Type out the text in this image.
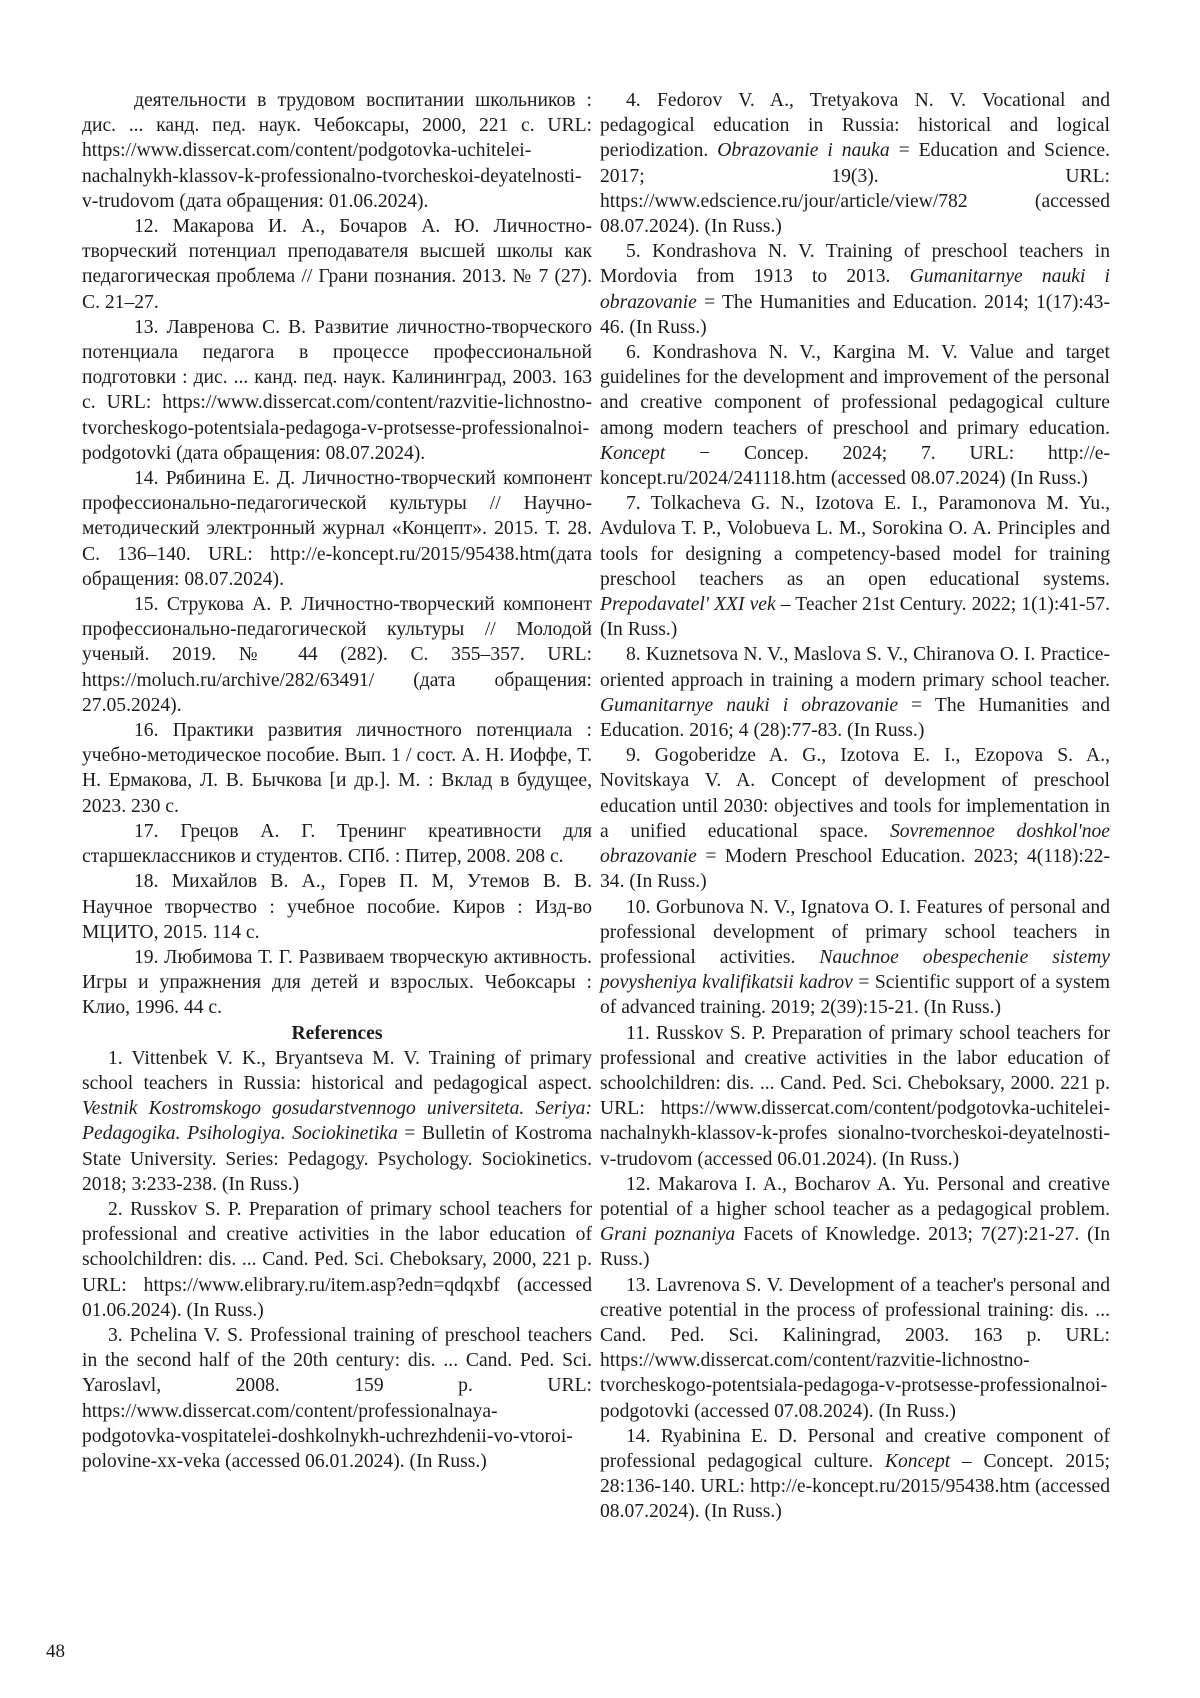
деятельности в трудовом воспитании школьников : дис. ... канд. пед. наук. Чебоксары, 2000, 221 с. URL: https://www.dissercat.com/content/podgotovka-uchitelei-nachalnykh-klassov-k-professionalno-tvorcheskoi-deyatelnosti-v-trudovom (дата обращения: 01.06.2024).

12. Макарова И. А., Бочаров А. Ю. Личностно-творческий потенциал преподавателя высшей школы как педагогическая проблема // Грани познания. 2013. № 7 (27). С. 21–27.

13. Лавренова С. В. Развитие личностно-творческого потенциала педагога в процессе профессиональной подготовки : дис. ... канд. пед. наук. Калининград, 2003. 163 с. URL: https://www.dissercat.com/content/razvitie-lichnostno-tvorcheskogo-potentsiala-pedagoga-v-protsesse-professionalnoi-podgotovki (дата обращения: 08.07.2024).

14. Рябинина Е. Д. Личностно-творческий компонент профессионально-педагогической культуры // Научно-методический электронный журнал «Концепт». 2015. Т. 28. С. 136–140. URL: http://e-koncept.ru/2015/95438.htm(дата обращения: 08.07.2024).

15. Струкова А. Р. Личностно-творческий компонент профессионально-педагогической культуры // Молодой ученый. 2019. № 44 (282). С. 355–357. URL: https://moluch.ru/archive/282/63491/ (дата обращения: 27.05.2024).

16. Практики развития личностного потенциала : учебно-методическое пособие. Вып. 1 / сост. А. Н. Иоффе, Т. Н. Ермакова, Л. В. Бычкова [и др.]. М. : Вклад в будущее, 2023. 230 с.

17. Грецов А. Г. Тренинг креативности для старшеклассников и студентов. СПб. : Питер, 2008. 208 с.

18. Михайлов В. А., Горев П. М, Утемов В. В. Научное творчество : учебное пособие. Киров : Изд-во МЦИТО, 2015. 114 с.

19. Любимова Т. Г. Развиваем творческую активность. Игры и упражнения для детей и взрослых. Чебоксары : Клио, 1996. 44 с.

References

1. Vittenbek V. K., Bryantseva M. V. Training of primary school teachers in Russia: historical and pedagogical aspect. Vestnik Kostromskogo gosudarstvennogo universiteta. Seriya: Pedagogika. Psihologiya. Sociokinetika = Bulletin of Kostroma State University. Series: Pedagogy. Psychology. Sociokinetics. 2018; 3:233-238. (In Russ.)

2. Russkov S. P. Preparation of primary school teachers for professional and creative activities in the labor education of schoolchildren: dis. ... Cand. Ped. Sci. Cheboksary, 2000, 221 p. URL: https://www.elibrary.ru/item.asp?edn=qdqxbf (accessed 01.06.2024). (In Russ.)

3. Pchelina V. S. Professional training of preschool teachers in the second half of the 20th century: dis. ... Cand. Ped. Sci. Yaroslavl, 2008. 159 p. URL: https://www.dissercat.com/content/professionalnaya-podgotovka-vospitatelei-doshkolnykh-uchrezhdenii-vo-vtoroi-polovine-xx-veka (accessed 06.01.2024). (In Russ.)

4. Fedorov V. A., Tretyakova N. V. Vocational and pedagogical education in Russia: historical and logical periodization. Obrazovanie i nauka = Education and Science. 2017; 19(3). URL: https://www.edscience.ru/jour/article/view/782 (accessed 08.07.2024). (In Russ.)

5. Kondrashova N. V. Training of preschool teachers in Mordovia from 1913 to 2013. Gumanitarnye nauki i obrazovanie = The Humanities and Education. 2014; 1(17):43-46. (In Russ.)

6. Kondrashova N. V., Kargina M. V. Value and target guidelines for the development and improvement of the personal and creative component of professional pedagogical culture among modern teachers of preschool and primary education. Koncept − Concep. 2024; 7. URL: http://e-koncept.ru/2024/241118.htm (accessed 08.07.2024) (In Russ.)

7. Tolkacheva G. N., Izotova E. I., Paramonova M. Yu., Avdulova T. P., Volobueva L. M., Sorokina O. A. Principles and tools for designing a competency-based model for training preschool teachers as an open educational systems. Prepodavatel' XXI vek – Teacher 21st Century. 2022; 1(1):41-57. (In Russ.)

8. Kuznetsova N. V., Maslova S. V., Chiranova O. I. Practice-oriented approach in training a modern primary school teacher. Gumanitarnye nauki i obrazovanie = The Humanities and Education. 2016; 4 (28):77-83. (In Russ.)

9. Gogoberidze A. G., Izotova E. I., Ezopova S. A., Novitskaya V. A. Concept of development of preschool education until 2030: objectives and tools for implementation in a unified educational space. Sovremennoe doshkol'noe obrazovanie = Modern Preschool Education. 2023; 4(118):22-34. (In Russ.)

10. Gorbunova N. V., Ignatova O. I. Features of personal and professional development of primary school teachers in professional activities. Nauchnoe obespechenie sistemy povysheniya kvalifikatsii kadrov = Scientific support of a system of advanced training. 2019; 2(39):15-21. (In Russ.)

11. Russkov S. P. Preparation of primary school teachers for professional and creative activities in the labor education of schoolchildren: dis. ... Cand. Ped. Sci. Cheboksary, 2000. 221 p. URL: https://www.dissercat.com/content/podgotovka-uchitelei-nachalnykh-klassov-k-profes sionalno-tvorcheskoi-deyatelnosti-v-trudovom (accessed 06.01.2024). (In Russ.)

12. Makarova I. A., Bocharov A. Yu. Personal and creative potential of a higher school teacher as a pedagogical problem. Grani poznaniya Facets of Knowledge. 2013; 7(27):21-27. (In Russ.)

13. Lavrenova S. V. Development of a teacher's personal and creative potential in the process of professional training: dis. ... Cand. Ped. Sci. Kaliningrad, 2003. 163 p. URL: https://www.dissercat.com/content/razvitie-lichnostno-tvorcheskogo-potentsiala-pedagoga-v-protsesse-professionalnoi-podgotovki (accessed 07.08.2024). (In Russ.)

14. Ryabinina E. D. Personal and creative component of professional pedagogical culture. Koncept – Concept. 2015; 28:136-140. URL: http://e-koncept.ru/2015/95438.htm (accessed 08.07.2024). (In Russ.)

48
